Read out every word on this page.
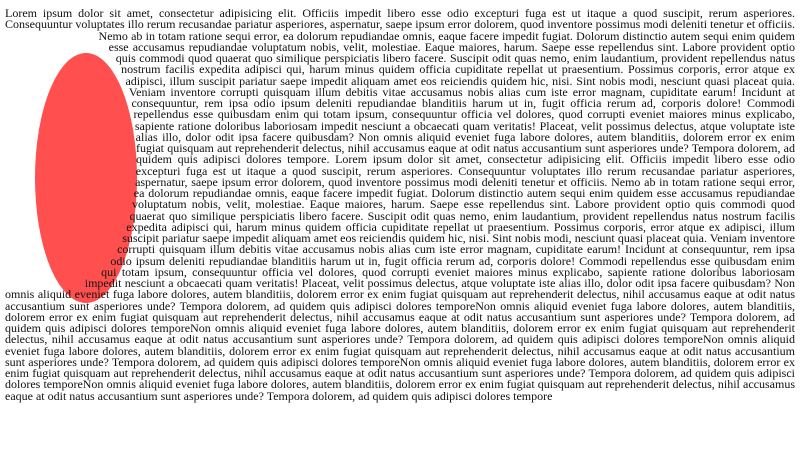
Lorem ipsum dolor sit amet, consectetur adipisicing elit. Officiis impedit libero esse odio excepturi fuga est ut itaque a quod suscipit, rerum asperiores. Consequuntur voluptates illo rerum recusandae pariatur asperiores, aspernatur, saepe ipsum error dolorem, quod inventore possimus modi deleniti tenetur et officiis. Nemo ab in totam ratione sequi error, ea dolorum repudiandae omnis, eaque facere impedit fugiat. Dolorum distinctio autem sequi enim quidem esse accusamus repudiandae voluptatum nobis, velit, molestiae. Eaque maiores, harum. Saepe esse repellendus sint. Labore provident optio quis commodi quod quaerat quo similique perspiciatis libero facere. Suscipit odit quas nemo, enim laudantium, provident repellendus natus nostrum facilis expedita adipisci qui, harum minus quidem officia cupiditate repellat ut praesentium. Possimus corporis, error atque ex adipisci, illum suscipit pariatur saepe impedit aliquam amet eos reiciendis quidem hic, nisi. Sint nobis modi, nesciunt quasi placeat quia. Veniam inventore corrupti quisquam illum debitis vitae accusamus nobis alias cum iste error magnam, cupiditate earum! Incidunt at consequuntur, rem ipsa odio ipsum deleniti repudiandae blanditiis harum ut in, fugit officia rerum ad, corporis dolore! Commodi repellendus esse quibusdam enim qui totam ipsum, consequuntur officia vel dolores, quod corrupti eveniet maiores minus explicabo, sapiente ratione doloribus laboriosam impedit nesciunt a obcaecati quam veritatis! Placeat, velit possimus delectus, atque voluptate iste alias illo, dolor odit ipsa facere quibusdam? Non omnis aliquid eveniet fuga labore dolores, autem blanditiis, dolorem error ex enim fugiat quisquam aut reprehenderit delectus, nihil accusamus eaque at odit natus accusantium sunt asperiores unde? Tempora dolorem, ad quidem quis adipisci dolores tempore. Lorem ipsum dolor sit amet, consectetur adipisicing elit. Officiis impedit libero esse odio excepturi fuga est ut itaque a quod suscipit, rerum asperiores. Consequuntur voluptates illo rerum recusandae pariatur asperiores, aspernatur, saepe ipsum error dolorem, quod inventore possimus modi deleniti tenetur et officiis. Nemo ab in totam ratione sequi error, ea dolorum repudiandae omnis, eaque facere impedit fugiat. Dolorum distinctio autem sequi enim quidem esse accusamus repudiandae voluptatum nobis, velit, molestiae. Eaque maiores, harum. Saepe esse repellendus sint. Labore provident optio quis commodi quod quaerat quo similique perspiciatis libero facere. Suscipit odit quas nemo, enim laudantium, provident repellendus natus nostrum facilis expedita adipisci qui, harum minus quidem officia cupiditate repellat ut praesentium. Possimus corporis, error atque ex adipisci, illum suscipit pariatur saepe impedit aliquam amet eos reiciendis quidem hic, nisi. Sint nobis modi, nesciunt quasi placeat quia. Veniam inventore corrupti quisquam illum debitis vitae accusamus nobis alias cum iste error magnam, cupiditate earum! Incidunt at consequuntur, rem ipsa odio ipsum deleniti repudiandae blanditiis harum ut in, fugit officia rerum ad, corporis dolore! Commodi repellendus esse quibusdam enim qui totam ipsum, consequuntur officia vel dolores, quod corrupti eveniet maiores minus explicabo, sapiente ratione doloribus laboriosam impedit nesciunt a obcaecati quam veritatis! Placeat, velit possimus delectus, atque voluptate iste alias illo, dolor odit ipsa facere quibusdam? Non omnis aliquid eveniet fuga labore dolores, autem blanditiis, dolorem error ex enim fugiat quisquam aut reprehenderit delectus, nihil accusamus eaque at odit natus accusantium sunt asperiores unde? Tempora dolorem, ad quidem quis adipisci dolores temporeNon omnis aliquid eveniet fuga labore dolores, autem blanditiis, dolorem error ex enim fugiat quisquam aut reprehenderit delectus, nihil accusamus eaque at odit natus accusantium sunt asperiores unde? Tempora dolorem, ad quidem quis adipisci dolores temporeNon omnis aliquid eveniet fuga labore dolores, autem blanditiis, dolorem error ex enim fugiat quisquam aut reprehenderit delectus, nihil accusamus eaque at odit natus accusantium sunt asperiores unde? Tempora dolorem, ad quidem quis adipisci dolores temporeNon omnis aliquid eveniet fuga labore dolores, autem blanditiis, dolorem error ex enim fugiat quisquam aut reprehenderit delectus, nihil accusamus eaque at odit natus accusantium sunt asperiores unde? Tempora dolorem, ad quidem quis adipisci dolores temporeNon omnis aliquid eveniet fuga labore dolores, autem blanditiis, dolorem error ex enim fugiat quisquam aut reprehenderit delectus, nihil accusamus eaque at odit natus accusantium sunt asperiores unde? Tempora dolorem, ad quidem quis adipisci dolores temporeNon omnis aliquid eveniet fuga labore dolores, autem blanditiis, dolorem error ex enim fugiat quisquam aut reprehenderit delectus, nihil accusamus eaque at odit natus accusantium sunt asperiores unde? Tempora dolorem, ad quidem quis adipisci dolores tempore
